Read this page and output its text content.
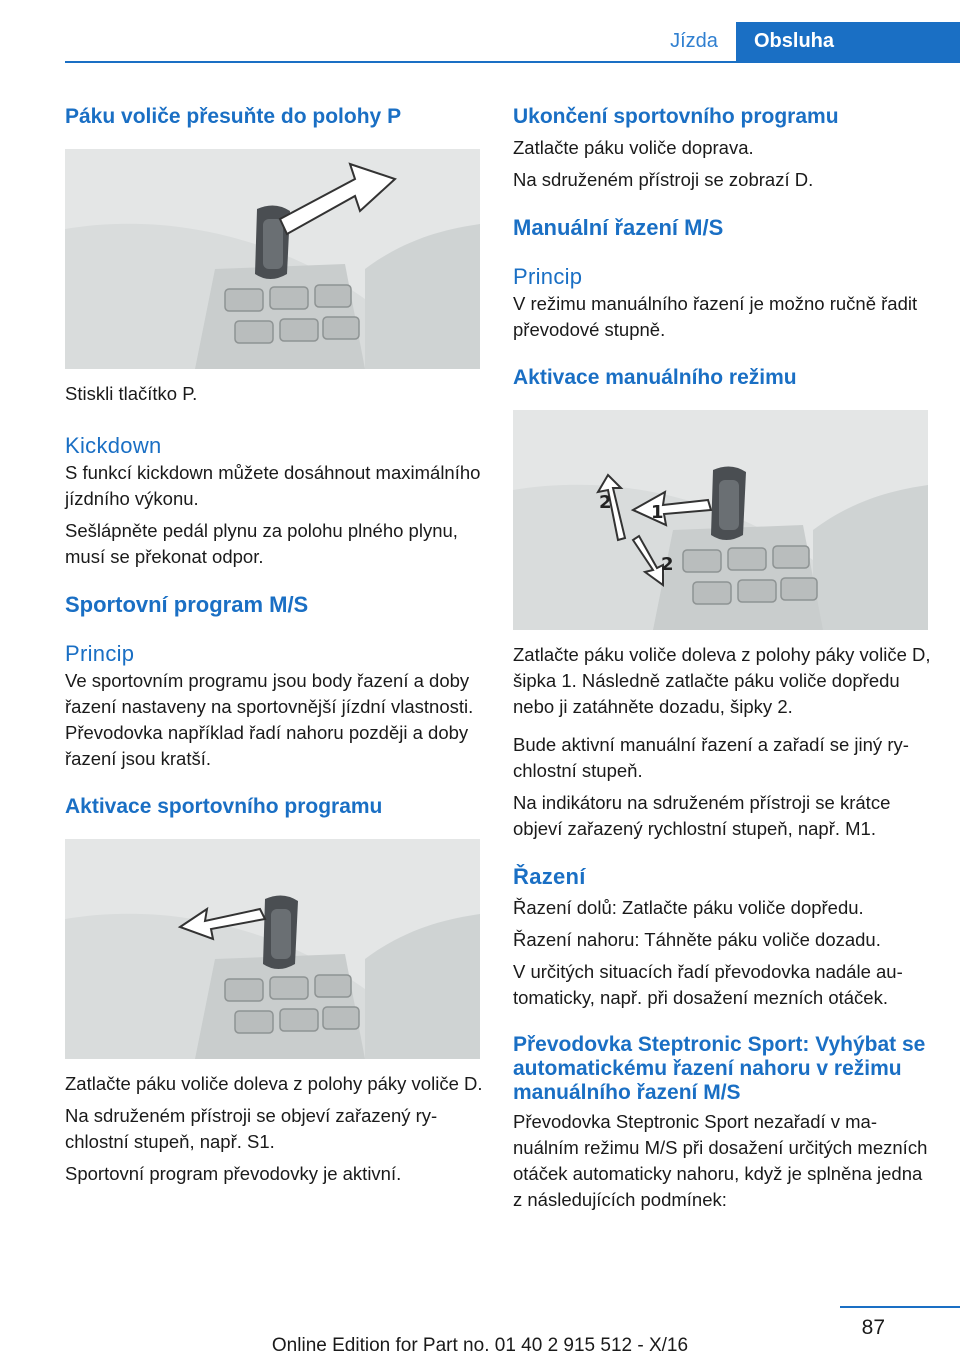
Jízda	Obsluha
Páku voliče přesuňte do polohy P

Stiskli tlačítko P.

Kickdown

S funkcí kickdown můžete dosáhnout maximálního jízdního výkonu.

Sešlápněte pedál plynu za polohu plného plynu, musí se překonat odpor.

Sportovní program M/S
Princip

Ve sportovním programu jsou body řazení a doby řazení nastaveny na sportovnější jízdní vlastnosti. Převodovka například řadí nahoru později a doby řazení jsou kratší.

Aktivace sportovního programu

Zatlačte páku voliče doleva z polohy páky voliče D.

Na sdruženém přístroji se objeví zařazený rychlostní stupeň, např. S1.

Sportovní program převodovky je aktivní.

Ukončení sportovního programu

Zatlačte páku voliče doprava.

Na sdruženém přístroji se zobrazí D.

Manuální řazení M/S
Princip

V režimu manuálního řazení je možno ručně řadit převodové stupně.

Aktivace manuálního režimu
1
2
2

Zatlačte páku voliče doleva z polohy páky voliče D, šipka 1. Následně zatlačte páku voliče dopředu nebo ji zatáhněte dozadu, šipky 2.

Bude aktivní manuální řazení a zařadí se jiný rychlostní stupeň.

Na indikátoru na sdruženém přístroji se krátce objeví zařazený rychlostní stupeň, např. M1.

Řazení

Řazení dolů: Zatlačte páku voliče dopředu.

Řazení nahoru: Táhněte páku voliče dozadu.

V určitých situacích řadí převodovka nadále automaticky, např. při dosažení mezních otáček.

Převodovka Steptronic Sport: Vyhýbat se automatickému řazení nahoru v režimu manuálního řazení M/S

Převodovka Steptronic Sport nezařadí v manuálním režimu M/S při dosažení určitých mezních otáček automaticky nahoru, když je splněna jedna z následujících podmínek:

87
Online Edition for Part no. 01 40 2 915 512 - X/16
